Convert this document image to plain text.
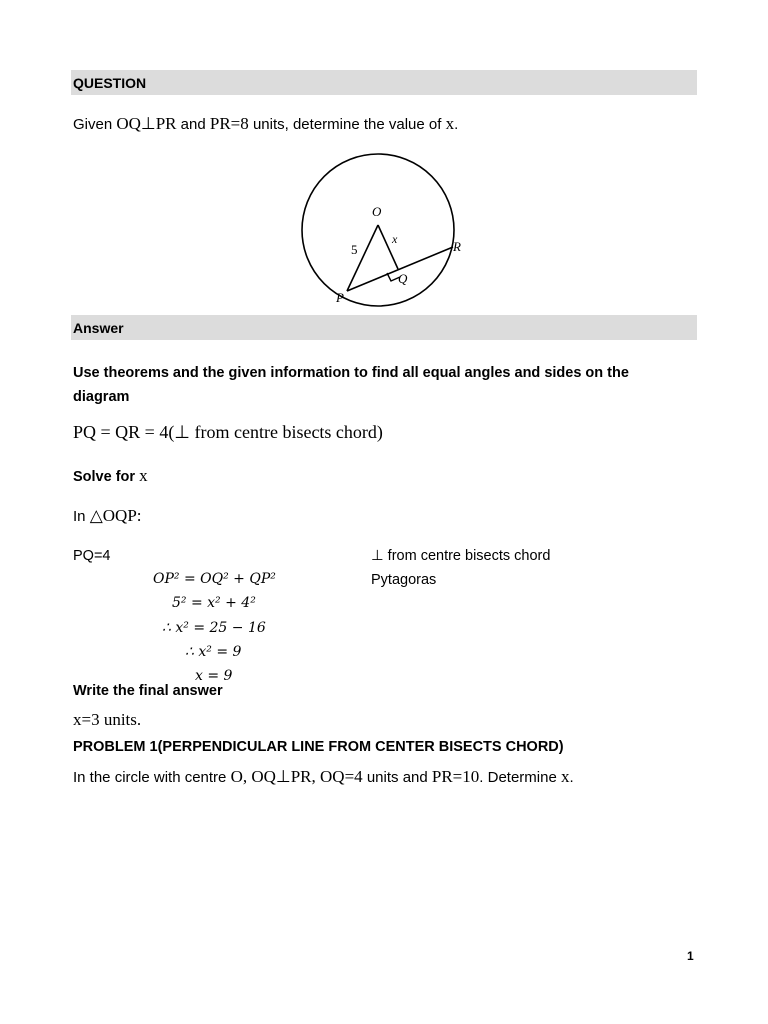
QUESTION
Given OQ⊥PR and PR=8 units, determine the value of x.
O
x
5	R
Q
P
Answer
Use theorems and the given information to find all equal angles and sides on the
diagram
PQ = QR = 4(⊥ from centre bisects chord)
Solve for x
In △OQP:
PQ=4	⊥ from centre bisects chord
Pytagoras
OP² = OQ² + QP²
5² = x² + 4²
∴ x² = 25 − 16
∴ x² = 9
x = 9
Write the final answer
x=3 units.
PROBLEM 1(PERPENDICULAR LINE FROM CENTER BISECTS CHORD)
In the circle with centre O, OQ⊥PR, OQ=4 units and PR=10. Determine x.
1
